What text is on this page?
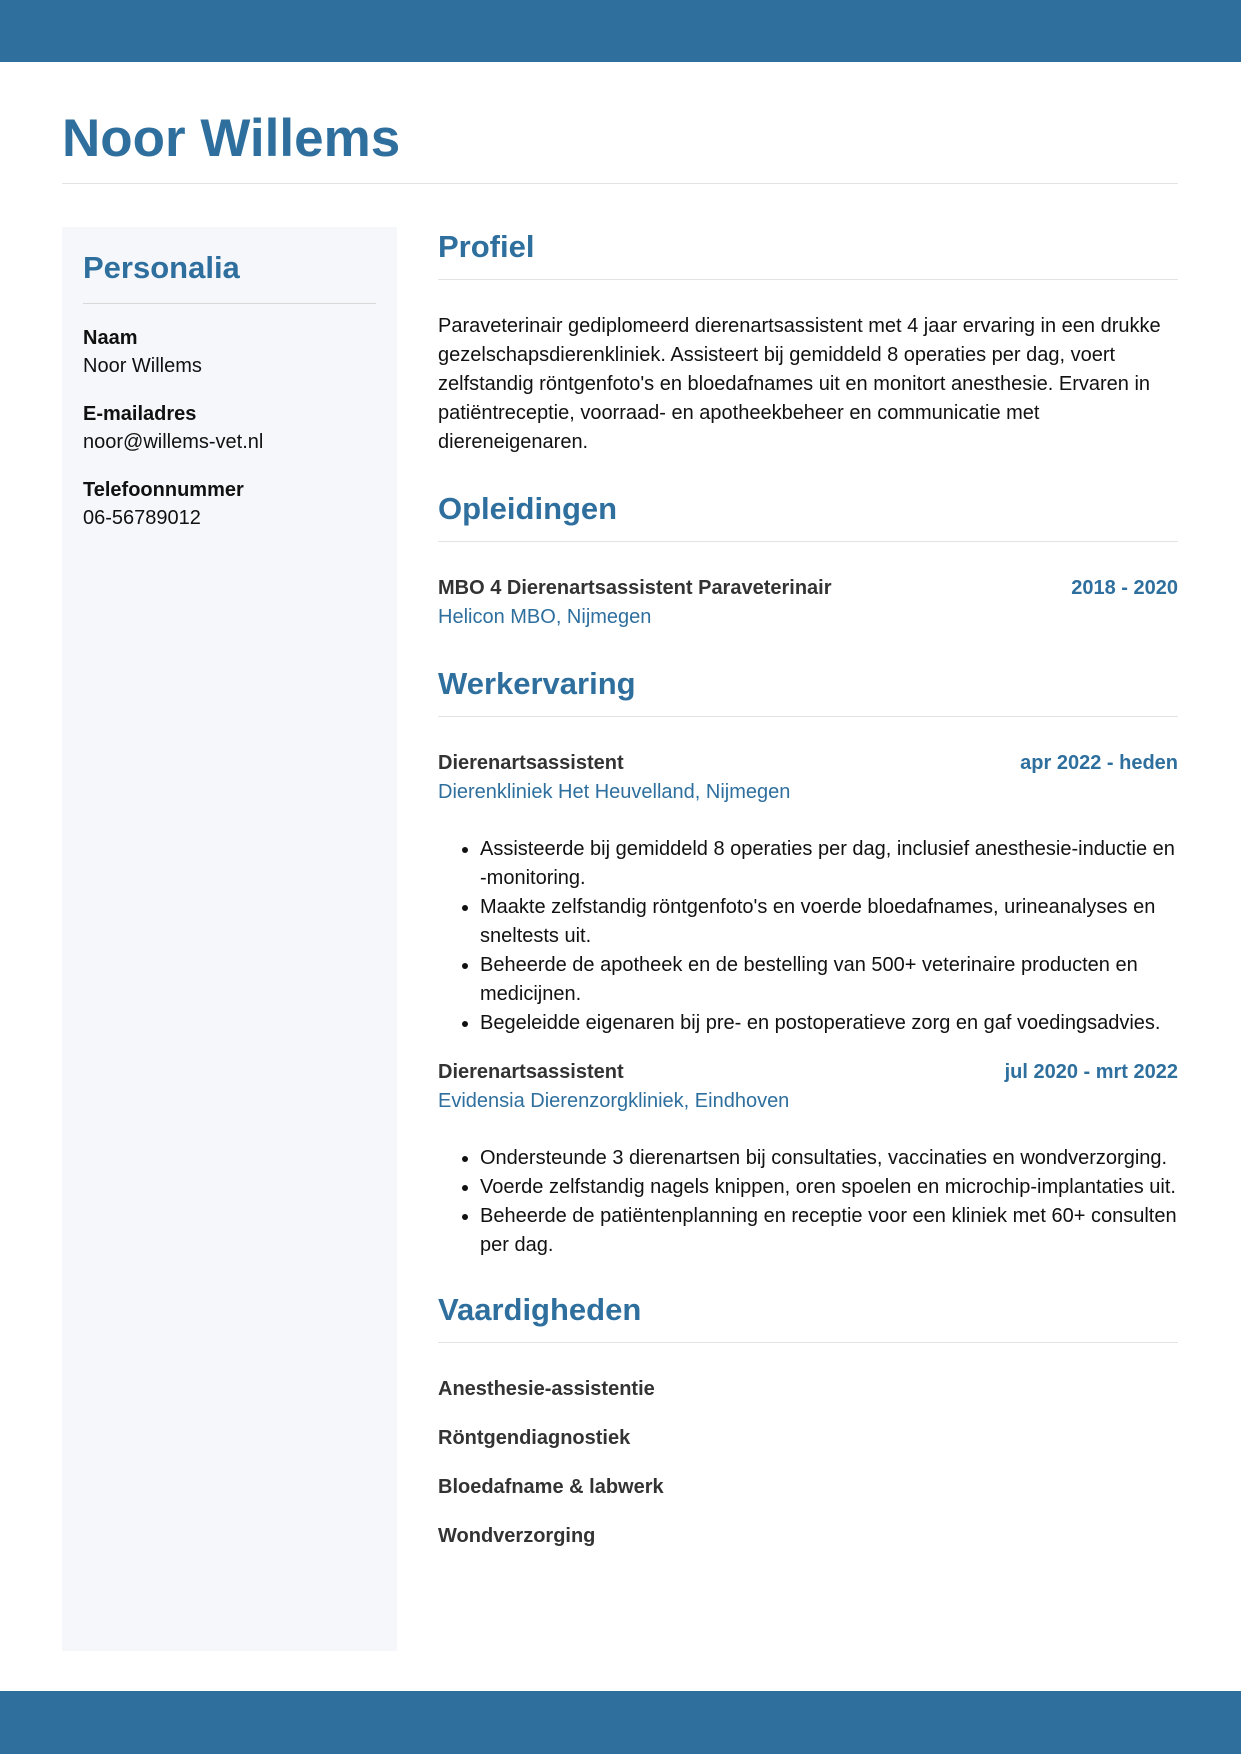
Noor Willems
Personalia
Naam
Noor Willems
E-mailadres
noor@willems-vet.nl
Telefoonnummer
06-56789012
Profiel

Paraveterinair gediplomeerd dierenartsassistent met 4 jaar ervaring in een drukke gezelschapsdierenkliniek. Assisteert bij gemiddeld 8 operaties per dag, voert zelfstandig röntgenfoto's en bloedafnames uit en monitort anesthesie. Ervaren in patiëntreceptie, voorraad- en apotheekbeheer en communicatie met diereneigenaren.

Opleidingen
MBO 4 Dierenartsassistent Paraveterinair	2018 - 2020
Helicon MBO, Nijmegen
Werkervaring
Dierenartsassistent	apr 2022 - heden
Dierenkliniek Het Heuvelland, Nijmegen
• Assisteerde bij gemiddeld 8 operaties per dag, inclusief anesthesie-inductie en -monitoring.
• Maakte zelfstandig röntgenfoto's en voerde bloedafnames, urineanalyses en sneltests uit.
• Beheerde de apotheek en de bestelling van 500+ veterinaire producten en medicijnen.
• Begeleidde eigenaren bij pre- en postoperatieve zorg en gaf voedingsadvies.
Dierenartsassistent	jul 2020 - mrt 2022
Evidensia Dierenzorgkliniek, Eindhoven
• Ondersteunde 3 dierenartsen bij consultaties, vaccinaties en wondverzorging.
• Voerde zelfstandig nagels knippen, oren spoelen en microchip-implantaties uit.
• Beheerde de patiëntenplanning en receptie voor een kliniek met 60+ consulten per dag.
Vaardigheden
Anesthesie-assistentie
Röntgendiagnostiek
Bloedafname & labwerk
Wondverzorging
